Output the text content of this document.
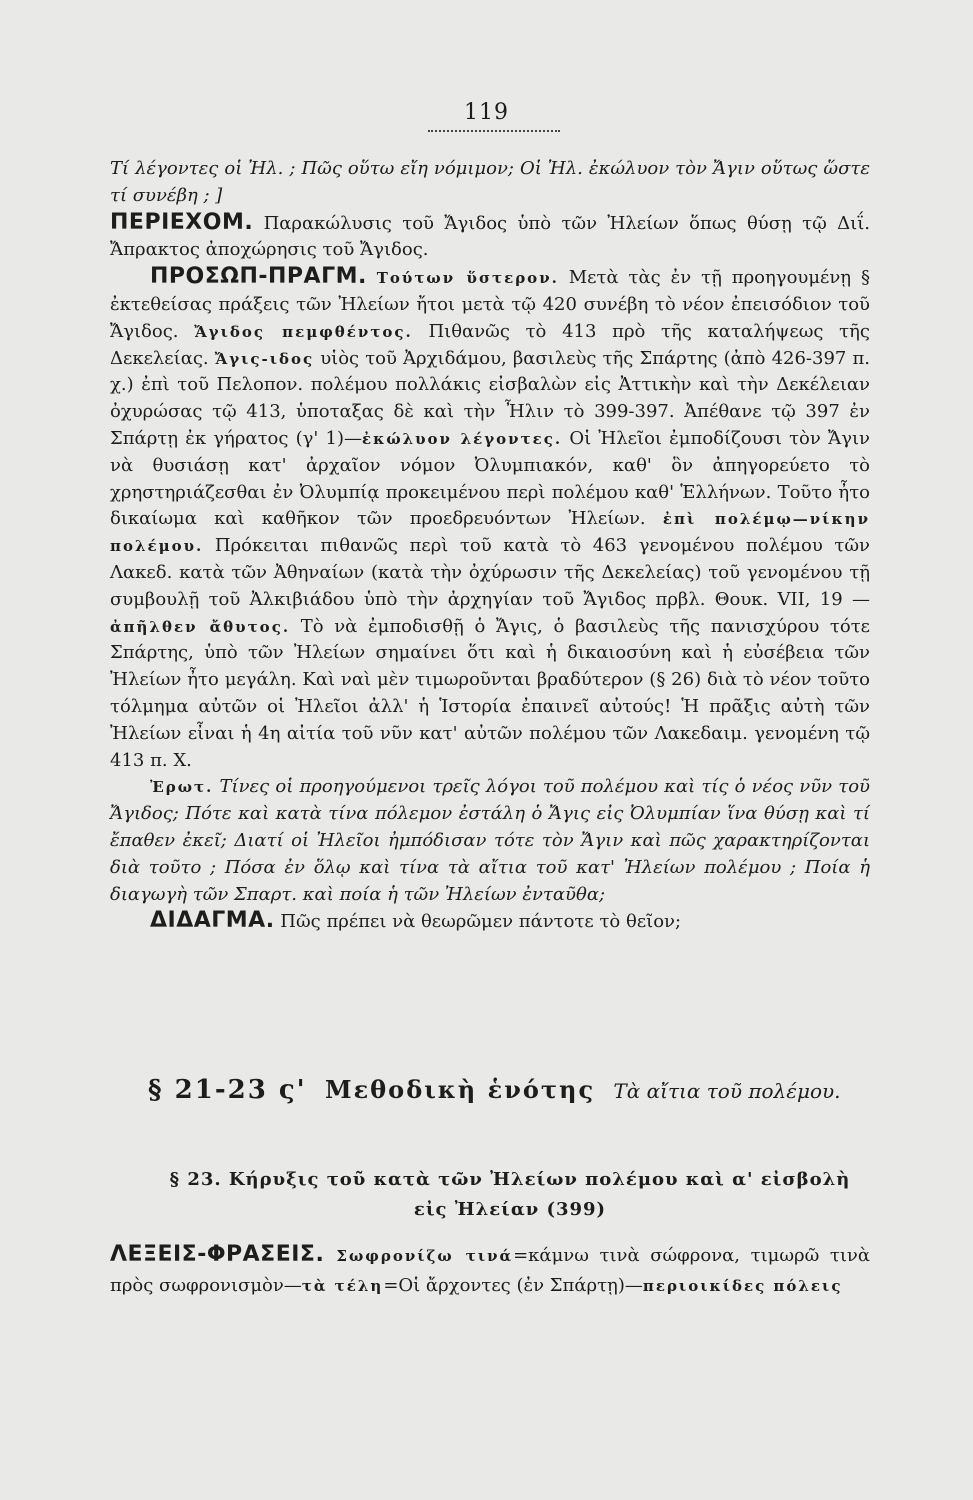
119

Τί λέγοντες οἱ Ἠλ. ; Πῶς οὕτω εἴη νόμιμον; Οἱ Ἠλ. ἐκώλυον τὸν Ἄγιν οὕτως ὥστε τί συνέβη ; ]

ΠΕΡΙΕΧΟΜ. Παρακώλυσις τοῦ Ἄγιδος ὑπὸ τῶν Ἠλείων ὅπως θύσῃ τῷ Διΐ. Ἄπρακτος ἀποχώρησις τοῦ Ἄγιδος.

ΠΡΟΣΩΠ-ΠΡΑΓΜ. Τούτων ὕστερον. Μετὰ τὰς ἐν τῇ προηγουμένῃ § ἐκτεθείσας πράξεις τῶν Ἠλείων ἤτοι μετὰ τῷ 420 συνέβη τὸ νέον ἐπεισόδιον τοῦ Ἄγιδος. Ἄγιδος πεμφθέντος. Πιθανῶς τὸ 413 πρὸ τῆς καταλήψεως τῆς Δεκελείας. Ἄγις-ιδος υἱὸς τοῦ Ἀρχιδάμου, βασιλεὺς τῆς Σπάρτης (ἀπὸ 426-397 π. χ.) ἐπὶ τοῦ Πελοπον. πολέμου πολλάκις εἰσβαλὼν εἰς Ἀττικὴν καὶ τὴν Δεκέλειαν ὀχυρώσας τῷ 413, ὑποταξας δὲ καὶ τὴν Ἦλιν τὸ 399-397. Ἀπέθανε τῷ 397 ἐν Σπάρτῃ ἐκ γήρατος (γ' 1)—ἐκώλυον λέγοντες. Οἱ Ἠλεῖοι ἐμποδίζουσι τὸν Ἄγιν νὰ θυσιάσῃ κατ' ἀρχαῖον νόμον Ὀλυμπιακόν, καθ' ὃν ἀπηγορεύετο τὸ χρηστηριάζεσθαι ἐν Ὀλυμπίᾳ προκειμένου περὶ πολέμου καθ' Ἑλλήνων. Τοῦτο ἦτο δικαίωμα καὶ καθῆκον τῶν προεδρευόντων Ἠλείων. ἐπὶ πολέμῳ—νίκην πολέμου. Πρόκειται πιθανῶς περὶ τοῦ κατὰ τὸ 463 γενομένου πολέμου τῶν Λακεδ. κατὰ τῶν Ἀθηναίων (κατὰ τὴν ὀχύρωσιν τῆς Δεκελείας) τοῦ γενομένου τῇ συμβουλῇ τοῦ Ἀλκιβιάδου ὑπὸ τὴν ἀρχηγίαν τοῦ Ἄγιδος πρβλ. Θουκ. VII, 19 — ἀπῆλθεν ἄθυτος. Τὸ νὰ ἐμποδισθῇ ὁ Ἄγις, ὁ βασιλεὺς τῆς πανισχύρου τότε Σπάρτης, ὑπὸ τῶν Ἠλείων σημαίνει ὅτι καὶ ἡ δικαιοσύνη καὶ ἡ εὐσέβεια τῶν Ἠλείων ἦτο μεγάλη. Καὶ ναὶ μὲν τιμωροῦνται βραδύτερον (§ 26) διὰ τὸ νέον τοῦτο τόλμημα αὐτῶν οἱ Ἠλεῖοι ἀλλ' ἡ Ἱστορία ἐπαινεῖ αὐτούς! Ἡ πρᾶξις αὐτὴ τῶν Ἠλείων εἶναι ἡ 4η αἰτία τοῦ νῦν κατ' αὐτῶν πολέμου τῶν Λακεδαιμ. γενομένη τῷ 413 π. Χ.

Ἐρωτ. Τίνες οἱ προηγούμενοι τρεῖς λόγοι τοῦ πολέμου καὶ τίς ὁ νέος νῦν τοῦ Ἄγιδος; Πότε καὶ κατὰ τίνα πόλεμον ἐστάλη ὁ Ἄγις εἰς Ὀλυμπίαν ἵνα θύσῃ καὶ τί ἔπαθεν ἐκεῖ; Διατί οἱ Ἠλεῖοι ἠμπόδισαν τότε τὸν Ἄγιν καὶ πῶς χαρακτηρίζονται διὰ τοῦτο ; Πόσα ἐν ὅλῳ καὶ τίνα τὰ αἴτια τοῦ κατ' Ἠλείων πολέμου ; Ποία ἡ διαγωγὴ τῶν Σπαρτ. καὶ ποία ἡ τῶν Ἠλείων ἐνταῦθα;

ΔΙΔΑΓΜΑ. Πῶς πρέπει νὰ θεωρῶμεν πάντοτε τὸ θεῖον;

§ 21-23 ς' Μεθοδικὴ ἑνότης Τὰ αἴτια τοῦ πολέμου.
§ 23. Κήρυξις τοῦ κατὰ τῶν Ἠλείων πολέμου καὶ α' εἰσβολὴ
εἰς Ἠλείαν (399)
ΛΕΞΕΙΣ-ΦΡΑΣΕΙΣ. Σωφρονίζω τινά=κάμνω τινὰ σώφρονα, τιμωρῶ τινὰ πρὸς σωφρονισμὸν—τὰ τέλη=Οἱ ἄρχοντες (ἐν Σπάρτῃ)—περιοικίδες πόλεις
